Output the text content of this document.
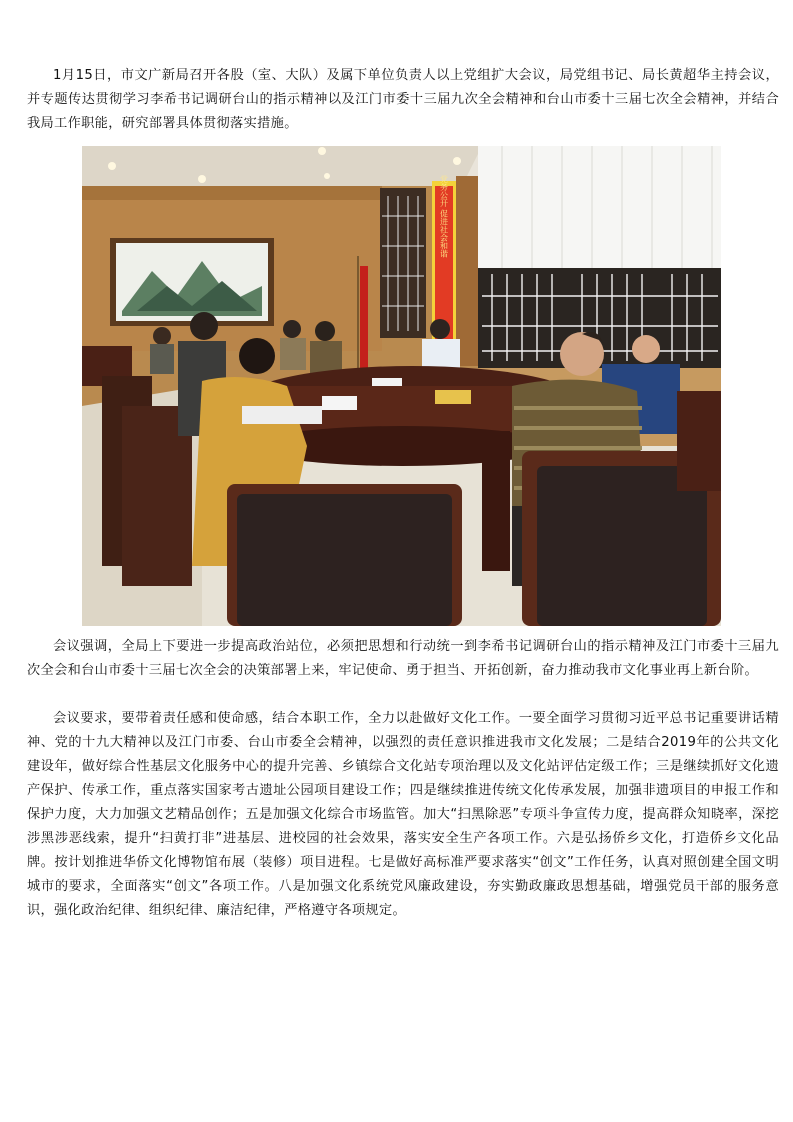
1月15日，市文广新局召开各股（室、大队）及属下单位负责人以上党组扩大会议，局党组书记、局长黄超华主持会议，并专题传达贯彻学习李希书记调研台山的指示精神以及江门市委十三届九次全会精神和台山市委十三届七次全会精神，并结合我局工作职能，研究部署具体贯彻落实措施。

党务公开 促进社会和谐

会议强调，全局上下要进一步提高政治站位，必须把思想和行动统一到李希书记调研台山的指示精神及江门市委十三届九次全会和台山市委十三届七次全会的决策部署上来，牢记使命、勇于担当、开拓创新，奋力推动我市文化事业再上新台阶。

会议要求，要带着责任感和使命感，结合本职工作，全力以赴做好文化工作。一要全面学习贯彻习近平总书记重要讲话精神、党的十九大精神以及江门市委、台山市委全会精神，以强烈的责任意识推进我市文化发展；二是结合2019年的公共文化建设年，做好综合性基层文化服务中心的提升完善、乡镇综合文化站专项治理以及文化站评估定级工作；三是继续抓好文化遗产保护、传承工作，重点落实国家考古遗址公园项目建设工作；四是继续推进传统文化传承发展，加强非遗项目的申报工作和保护力度，大力加强文艺精品创作；五是加强文化综合市场监管。加大“扫黑除恶”专项斗争宣传力度，提高群众知晓率，深挖涉黑涉恶线索，提升“扫黄打非”进基层、进校园的社会效果，落实安全生产各项工作。六是弘扬侨乡文化，打造侨乡文化品牌。按计划推进华侨文化博物馆布展（装修）项目进程。七是做好高标准严要求落实“创文”工作任务，认真对照创建全国文明城市的要求，全面落实“创文”各项工作。八是加强文化系统党风廉政建设，夯实勤政廉政思想基础，增强党员干部的服务意识，强化政治纪律、组织纪律、廉洁纪律，严格遵守各项规定。
